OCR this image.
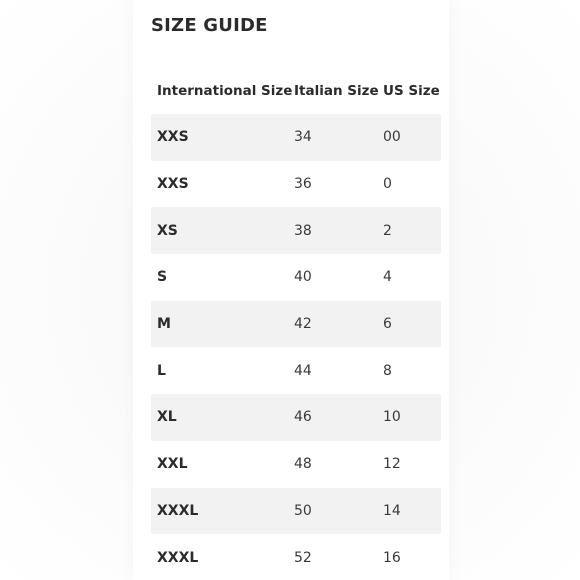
SIZE GUIDE
International Size	Italian Size	US Size
XXS	34	00
XXS	36	0
XS	38	2
S	40	4
M	42	6
L	44	8
XL	46	10
XXL	48	12
XXXL	50	14
XXXL	52	16
